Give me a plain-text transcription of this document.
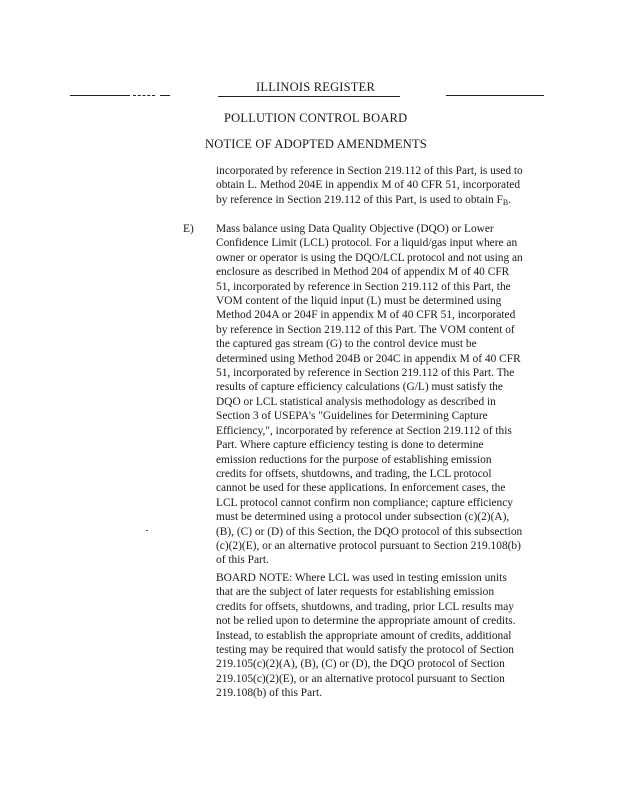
ILLINOIS REGISTER
POLLUTION CONTROL BOARD
NOTICE OF ADOPTED AMENDMENTS
incorporated by reference in Section 219.112 of this Part, is used to
obtain L. Method 204E in appendix M of 40 CFR 51, incorporated
by reference in Section 219.112 of this Part, is used to obtain $F_B$.
E) Mass balance using Data Quality Objective (DQO) or Lower
Confidence Limit (LCL) protocol. For a liquid/gas input where an
owner or operator is using the DQO/LCL protocol and not using an
enclosure as described in Method 204 of appendix M of 40 CFR
51, incorporated by reference in Section 219.112 of this Part, the
VOM content of the liquid input (L) must be determined using
Method 204A or 204F in appendix M of 40 CFR 51, incorporated
by reference in Section 219.112 of this Part. The VOM content of
the captured gas stream (G) to the control device must be
determined using Method 204B or 204C in appendix M of 40 CFR
51, incorporated by reference in Section 219.112 of this Part. The
results of capture efficiency calculations (G/L) must satisfy the
DQO or LCL statistical analysis methodology as described in
Section 3 of USEPA's "Guidelines for Determining Capture
Efficiency,", incorporated by reference at Section 219.112 of this
Part. Where capture efficiency testing is done to determine
emission reductions for the purpose of establishing emission
credits for offsets, shutdowns, and trading, the LCL protocol
cannot be used for these applications. In enforcement cases, the
LCL protocol cannot confirm non compliance; capture efficiency
must be determined using a protocol under subsection (c)(2)(A),
(B), (C) or (D) of this Section, the DQO protocol of this subsection
(c)(2)(E), or an alternative protocol pursuant to Section 219.108(b)
of this Part.
BOARD NOTE: Where LCL was used in testing emission units
that are the subject of later requests for establishing emission
credits for offsets, shutdowns, and trading, prior LCL results may
not be relied upon to determine the appropriate amount of credits.
Instead, to establish the appropriate amount of credits, additional
testing may be required that would satisfy the protocol of Section
219.105(c)(2)(A), (B), (C) or (D), the DQO protocol of Section
219.105(c)(2)(E), or an alternative protocol pursuant to Section
219.108(b) of this Part.
